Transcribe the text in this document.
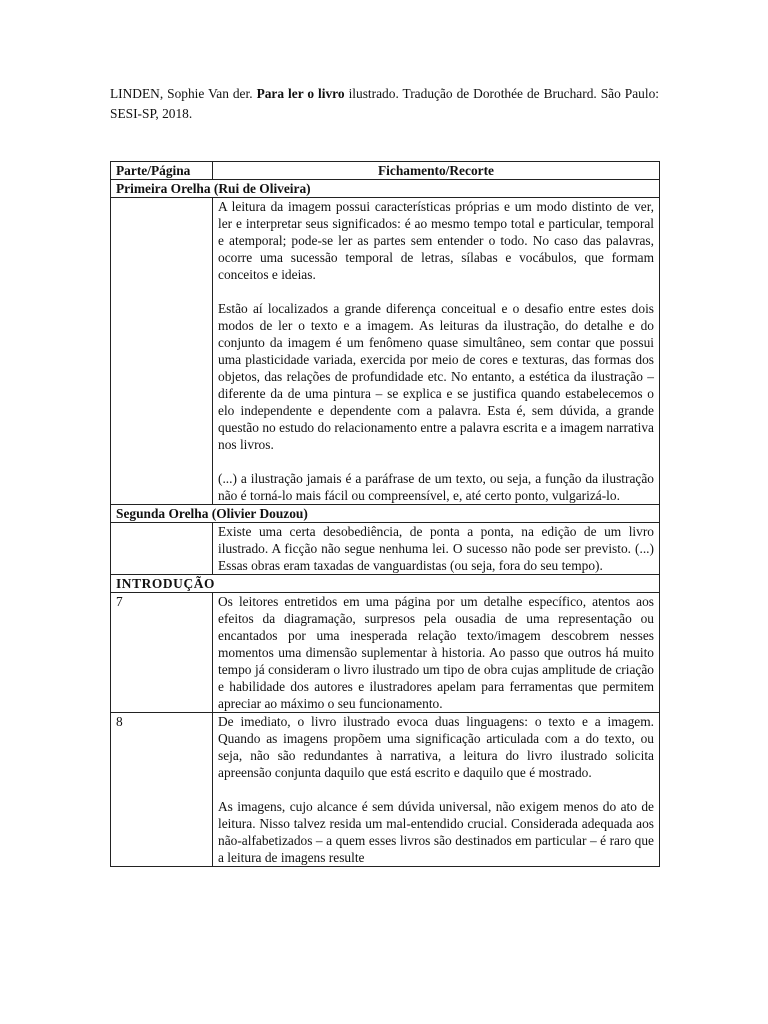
LINDEN, Sophie Van der. Para ler o livro ilustrado. Tradução de Dorothée de Bruchard. São Paulo: SESI-SP, 2018.

Parte/Página	Fichamento/Recorte
Primeira Orelha (Rui de Oliveira)	

	A leitura da imagem possui características próprias e um modo distinto de ver, ler e interpretar seus significados: é ao mesmo tempo total e particular, temporal e atemporal; pode-se ler as partes sem entender o todo. No caso das palavras, ocorre uma sucessão temporal de letras, sílabas e vocábulos, que formam conceitos e ideias.

Estão aí localizados a grande diferença conceitual e o desafio entre estes dois modos de ler o texto e a imagem. As leituras da ilustração, do detalhe e do conjunto da imagem é um fenômeno quase simultâneo, sem contar que possui uma plasticidade variada, exercida por meio de cores e texturas, das formas dos objetos, das relações de profundidade etc. No entanto, a estética da ilustração – diferente da de uma pintura – se explica e se justifica quando estabelecemos o elo independente e dependente com a palavra. Esta é, sem dúvida, a grande questão no estudo do relacionamento entre a palavra escrita e a imagem narrativa nos livros.

(...) a ilustração jamais é a paráfrase de um texto, ou seja, a função da ilustração não é torná-lo mais fácil ou compreensível, e, até certo ponto, vulgarizá-lo.

Segunda Orelha (Olivier Douzou)	

	Existe uma certa desobediência, de ponta a ponta, na edição de um livro ilustrado. A ficção não segue nenhuma lei. O sucesso não pode ser previsto. (...) Essas obras eram taxadas de vanguardistas (ou seja, fora do seu tempo).

INTRODUÇÃO	
7	Os leitores entretidos em uma página por um detalhe específico, atentos aos efeitos da diagramação, surpresos pela ousadia de uma representação ou encantados por uma inesperada relação texto/imagem descobrem nesses momentos uma dimensão suplementar à historia. Ao passo que outros há muito tempo já consideram o livro ilustrado um tipo de obra cujas amplitude de criação e habilidade dos autores e ilustradores apelam para ferramentas que permitem apreciar ao máximo o seu funcionamento.

8	De imediato, o livro ilustrado evoca duas linguagens: o texto e a imagem. Quando as imagens propõem uma significação articulada com a do texto, ou seja, não são redundantes à narrativa, a leitura do livro ilustrado solicita apreensão conjunta daquilo que está escrito e daquilo que é mostrado.

As imagens, cujo alcance é sem dúvida universal, não exigem menos do ato de leitura. Nisso talvez resida um mal-entendido crucial. Considerada adequada aos não-alfabetizados – a quem esses livros são destinados em particular – é raro que a leitura de imagens resulte
